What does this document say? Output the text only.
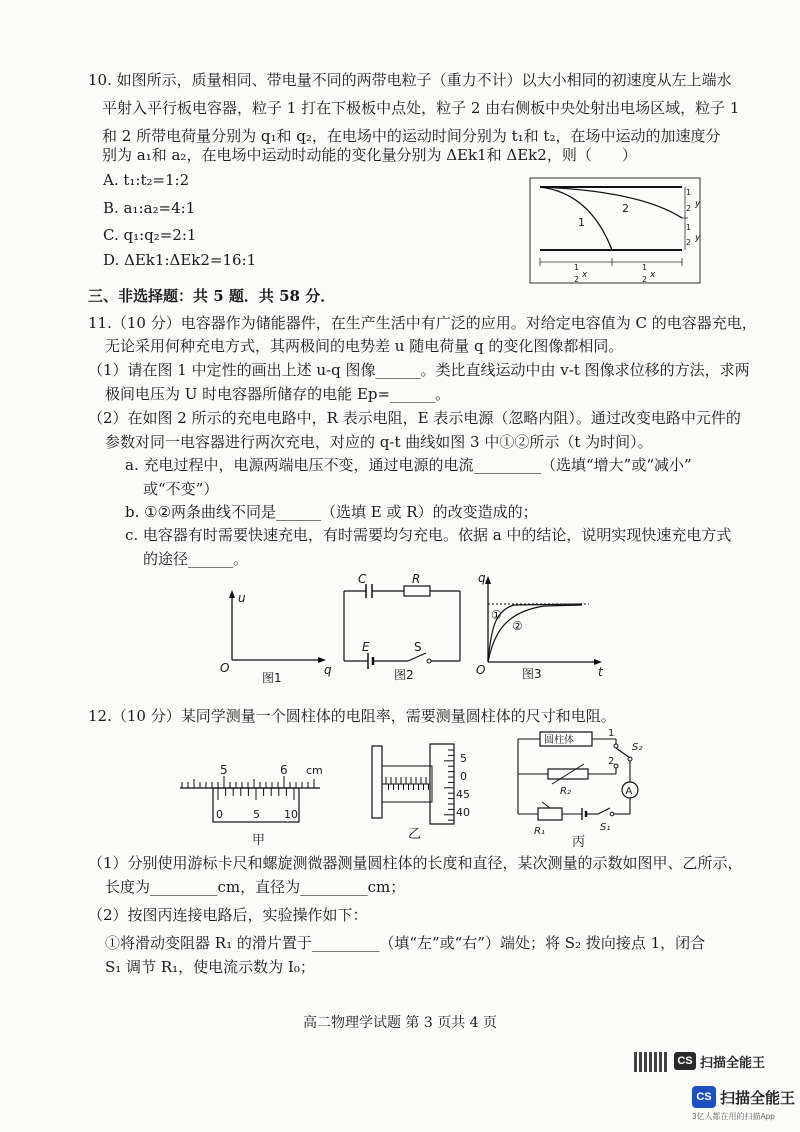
10. 如图所示，质量相同、带电量不同的两带电粒子（重力不计）以大小相同的初速度从左上端水
平射入平行板电容器，粒子 1 打在下极板中点处，粒子 2 由右侧板中央处射出电场区域，粒子 1
和 2 所带电荷量分别为 q₁和 q₂，在电场中的运动时间分别为 t₁和 t₂，在场中运动的加速度分
别为 a₁和 a₂，在电场中运动时动能的变化量分别为 ΔEk1和 ΔEk2，则（　　）
A. t₁:t₂=1:2
B. a₁:a₂=4:1
C. q₁:q₂=2:1
D. ΔEk1:ΔEk2=16:1
1
2
1
2 y
1
2 y
1
2 x
1
2 x
三、非选择题：共 5 题．共 58 分．
11.（10 分）电容器作为储能器件，在生产生活中有广泛的应用。对给定电容值为 C 的电容器充电，
无论采用何种充电方式，其两极间的电势差 u 随电荷量 q 的变化图像都相同。
（1）请在图 1 中定性的画出上述 u-q 图像______。类比直线运动中由 v-t 图像求位移的方法，求两
极间电压为 U 时电容器所储存的电能 Ep=______。
（2）在如图 2 所示的充电电路中，R 表示电阻，E 表示电源（忽略内阻）。通过改变电路中元件的
参数对同一电容器进行两次充电，对应的 q-t 曲线如图 3 中①②所示（t 为时间）。
a. 充电过程中，电源两端电压不变，通过电源的电流_________（选填“增大”或“减小”
或“不变”）
b. ①②两条曲线不同是______（选填 E 或 R）的改变造成的；
c. 电容器有时需要快速充电，有时需要均匀充电。依据 a 中的结论，说明实现快速充电方式
的途径______。
u
q
O
图1
C	R
E	S
图2
q
t
O
①
②
图3
12.（10 分）某同学测量一个圆柱体的电阻率，需要测量圆柱体的尺寸和电阻。
5	6 cm
0	5 10
甲
5
0
45
40
乙
圆柱体
1
2
R₂
S₂
A
R₁	S₁
丙
（1）分别使用游标卡尺和螺旋测微器测量圆柱体的长度和直径，某次测量的示数如图甲、乙所示，
长度为_________cm，直径为_________cm；
（2）按图丙连接电路后，实验操作如下：
①将滑动变阻器 R₁ 的滑片置于_________（填“左”或“右”）端处；将 S₂ 拨向接点 1，闭合
S₁ 调节 R₁，使电流示数为 I₀；
高二物理学试题 第 3 页共 4 页
CS 扫描全能王
CS 扫描全能王
3亿人都在用的扫描App
